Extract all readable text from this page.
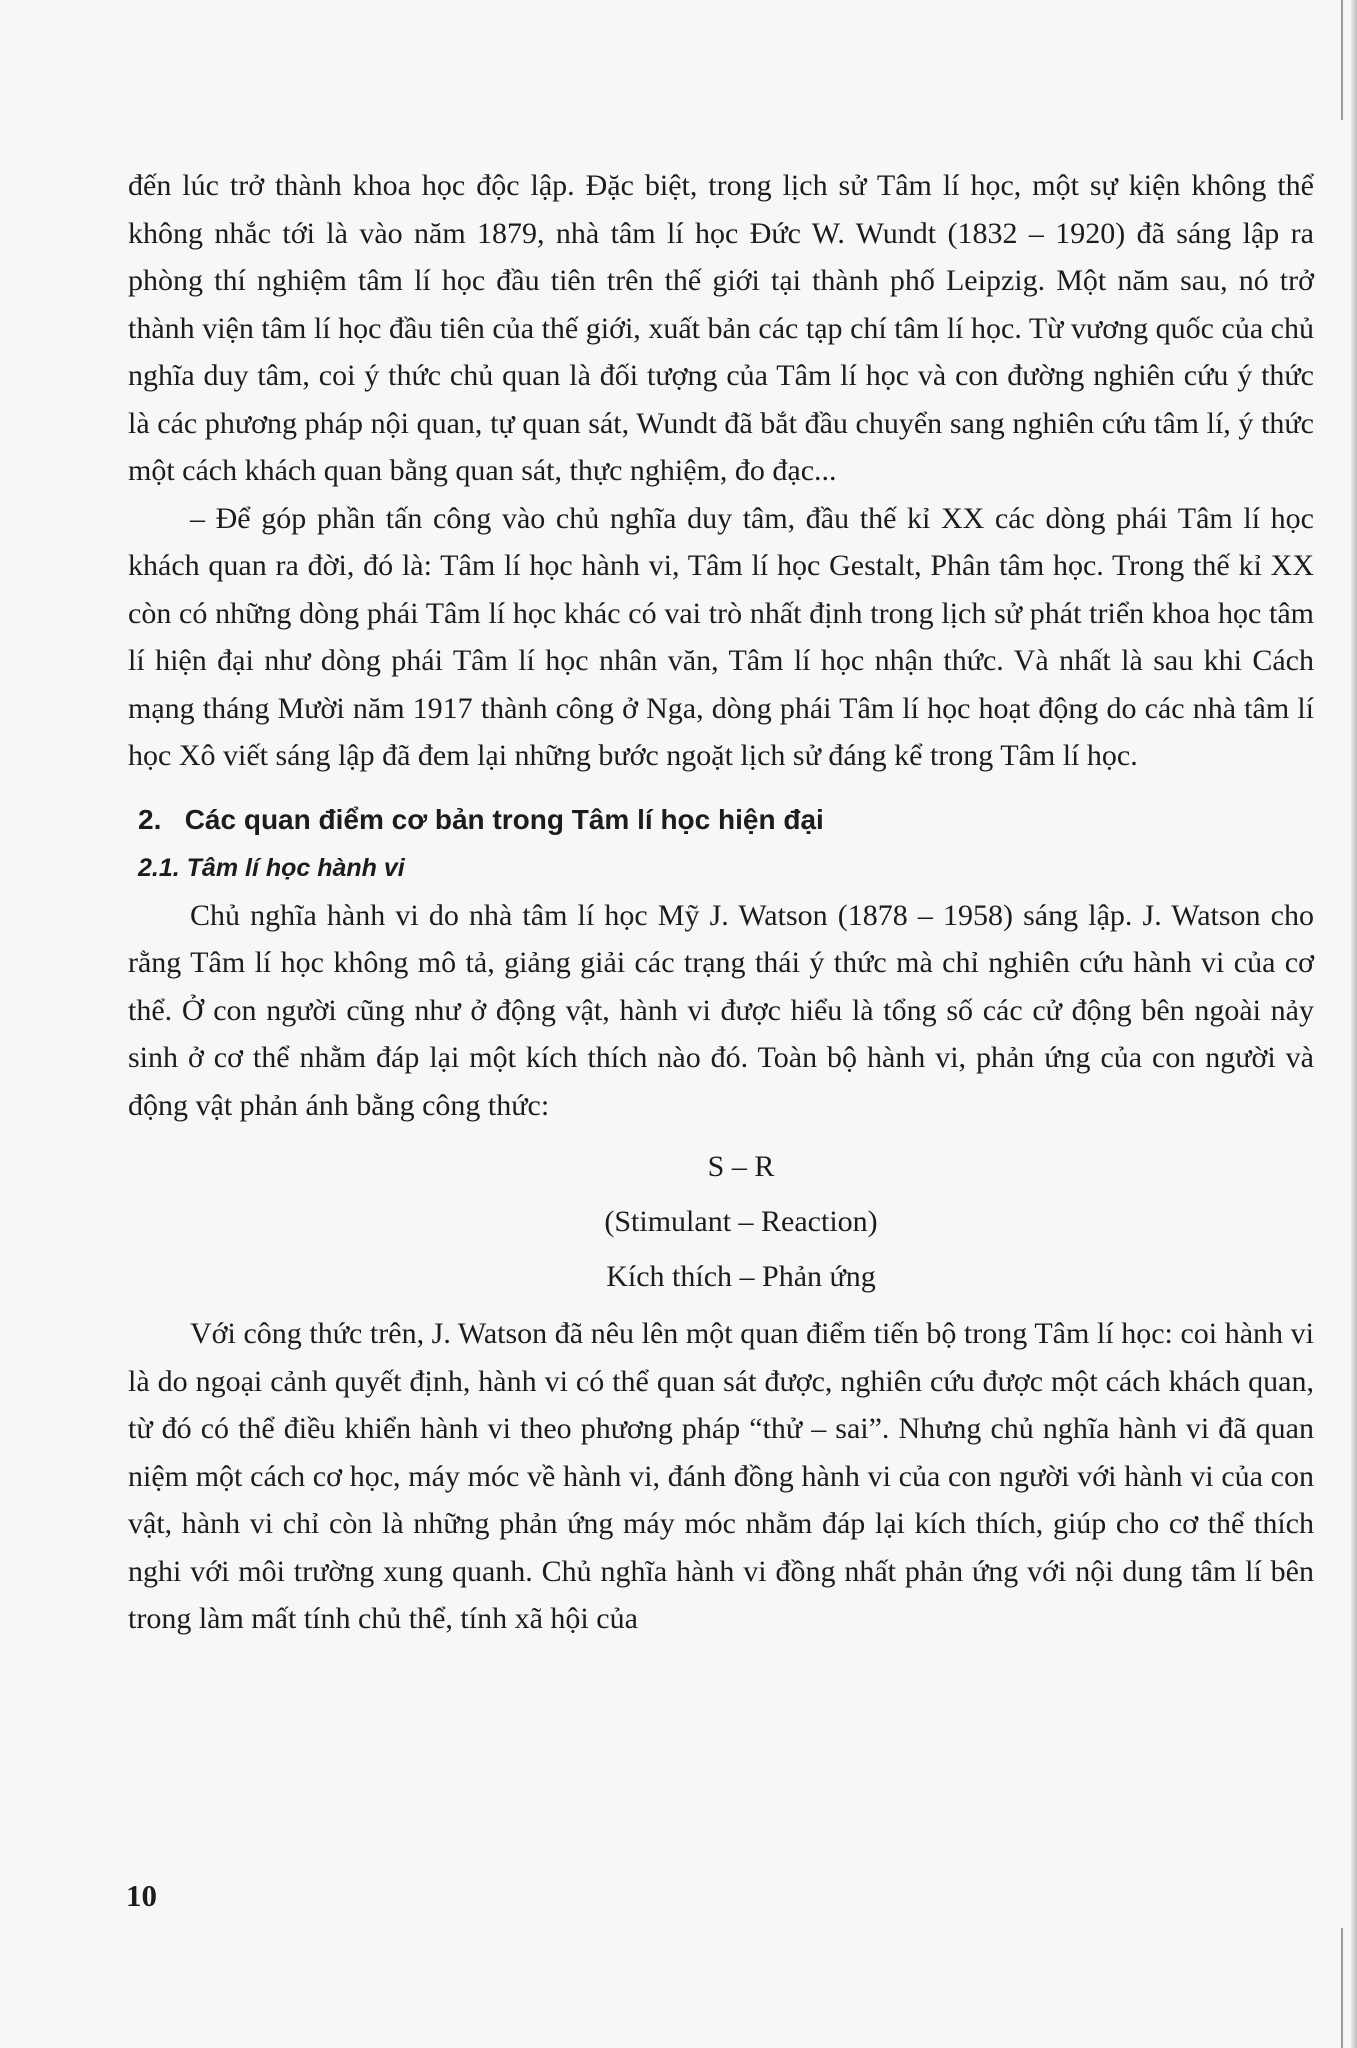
đến lúc trở thành khoa học độc lập. Đặc biệt, trong lịch sử Tâm lí học, một sự kiện không thể không nhắc tới là vào năm 1879, nhà tâm lí học Đức W. Wundt (1832 – 1920) đã sáng lập ra phòng thí nghiệm tâm lí học đầu tiên trên thế giới tại thành phố Leipzig. Một năm sau, nó trở thành viện tâm lí học đầu tiên của thế giới, xuất bản các tạp chí tâm lí học. Từ vương quốc của chủ nghĩa duy tâm, coi ý thức chủ quan là đối tượng của Tâm lí học và con đường nghiên cứu ý thức là các phương pháp nội quan, tự quan sát, Wundt đã bắt đầu chuyển sang nghiên cứu tâm lí, ý thức một cách khách quan bằng quan sát, thực nghiệm, đo đạc...

– Để góp phần tấn công vào chủ nghĩa duy tâm, đầu thế kỉ XX các dòng phái Tâm lí học khách quan ra đời, đó là: Tâm lí học hành vi, Tâm lí học Gestalt, Phân tâm học. Trong thế kỉ XX còn có những dòng phái Tâm lí học khác có vai trò nhất định trong lịch sử phát triển khoa học tâm lí hiện đại như dòng phái Tâm lí học nhân văn, Tâm lí học nhận thức. Và nhất là sau khi Cách mạng tháng Mười năm 1917 thành công ở Nga, dòng phái Tâm lí học hoạt động do các nhà tâm lí học Xô viết sáng lập đã đem lại những bước ngoặt lịch sử đáng kể trong Tâm lí học.

2.   Các quan điểm cơ bản trong Tâm lí học hiện đại
2.1. Tâm lí học hành vi

Chủ nghĩa hành vi do nhà tâm lí học Mỹ J. Watson (1878 – 1958) sáng lập. J. Watson cho rằng Tâm lí học không mô tả, giảng giải các trạng thái ý thức mà chỉ nghiên cứu hành vi của cơ thể. Ở con người cũng như ở động vật, hành vi được hiểu là tổng số các cử động bên ngoài nảy sinh ở cơ thể nhằm đáp lại một kích thích nào đó. Toàn bộ hành vi, phản ứng của con người và động vật phản ánh bằng công thức:

S – R

(Stimulant – Reaction)

Kích thích – Phản ứng

Với công thức trên, J. Watson đã nêu lên một quan điểm tiến bộ trong Tâm lí học: coi hành vi là do ngoại cảnh quyết định, hành vi có thể quan sát được, nghiên cứu được một cách khách quan, từ đó có thể điều khiển hành vi theo phương pháp “thử – sai”. Nhưng chủ nghĩa hành vi đã quan niệm một cách cơ học, máy móc về hành vi, đánh đồng hành vi của con người với hành vi của con vật, hành vi chỉ còn là những phản ứng máy móc nhằm đáp lại kích thích, giúp cho cơ thể thích nghi với môi trường xung quanh. Chủ nghĩa hành vi đồng nhất phản ứng với nội dung tâm lí bên trong làm mất tính chủ thể, tính xã hội của

10
